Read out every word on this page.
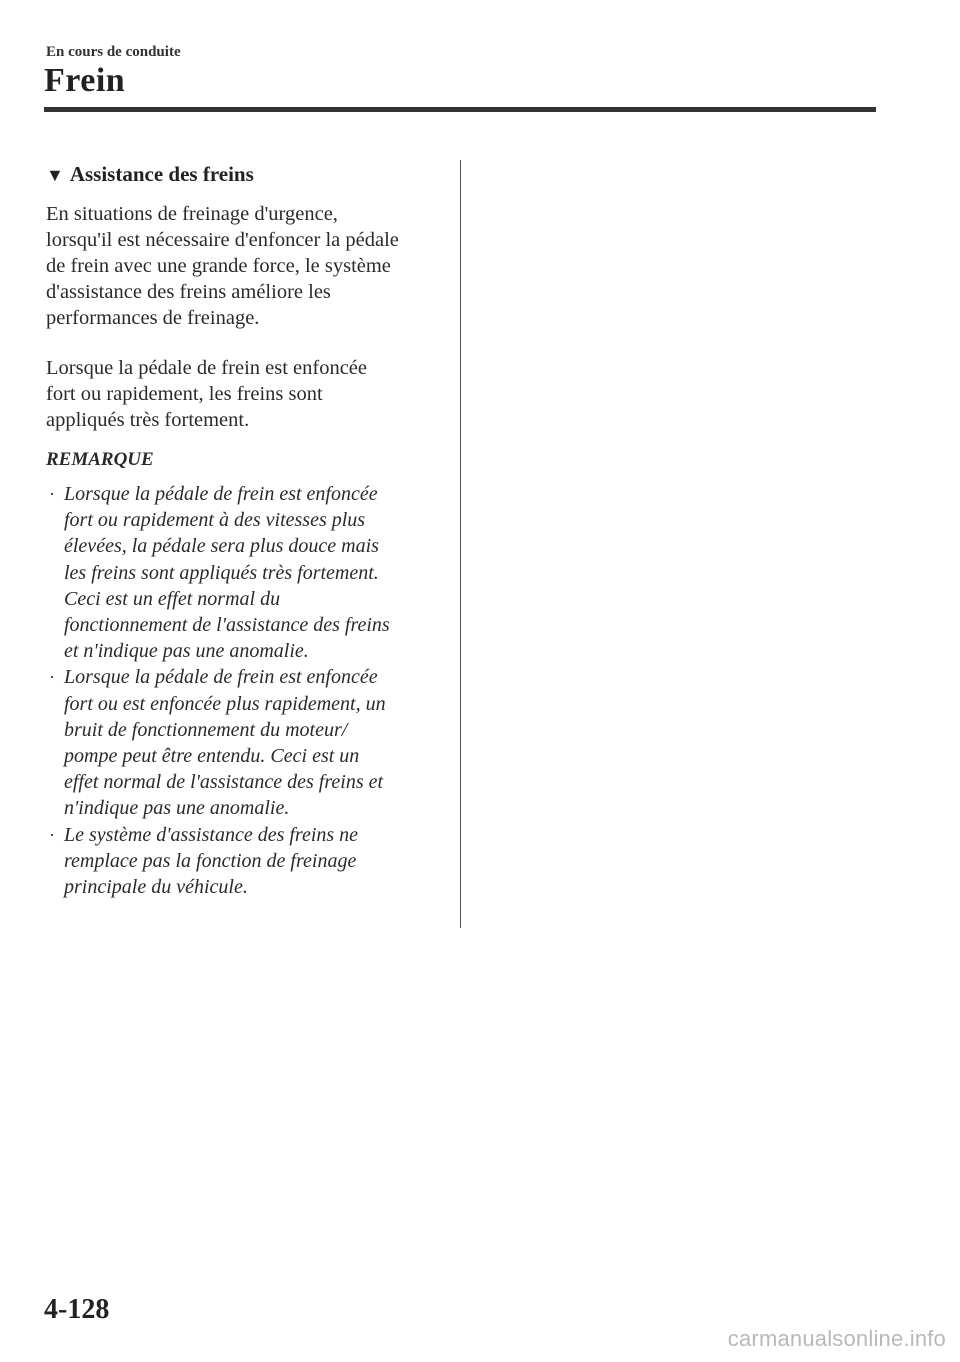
En cours de conduite
Frein
▼ Assistance des freins

En situations de freinage d'urgence,
lorsqu'il est nécessaire d'enfoncer la pédale
de frein avec une grande force, le système
d'assistance des freins améliore les
performances de freinage.

Lorsque la pédale de frein est enfoncée
fort ou rapidement, les freins sont
appliqués très fortement.

REMARQUE
· Lorsque la pédale de frein est enfoncée
fort ou rapidement à des vitesses plus
élevées, la pédale sera plus douce mais
les freins sont appliqués très fortement.
Ceci est un effet normal du
fonctionnement de l'assistance des freins
et n'indique pas une anomalie.
· Lorsque la pédale de frein est enfoncée
fort ou est enfoncée plus rapidement, un
bruit de fonctionnement du moteur/
pompe peut être entendu. Ceci est un
effet normal de l'assistance des freins et
n'indique pas une anomalie.
· Le système d'assistance des freins ne
remplace pas la fonction de freinage
principale du véhicule.
4-128
carmanualsonline.info
